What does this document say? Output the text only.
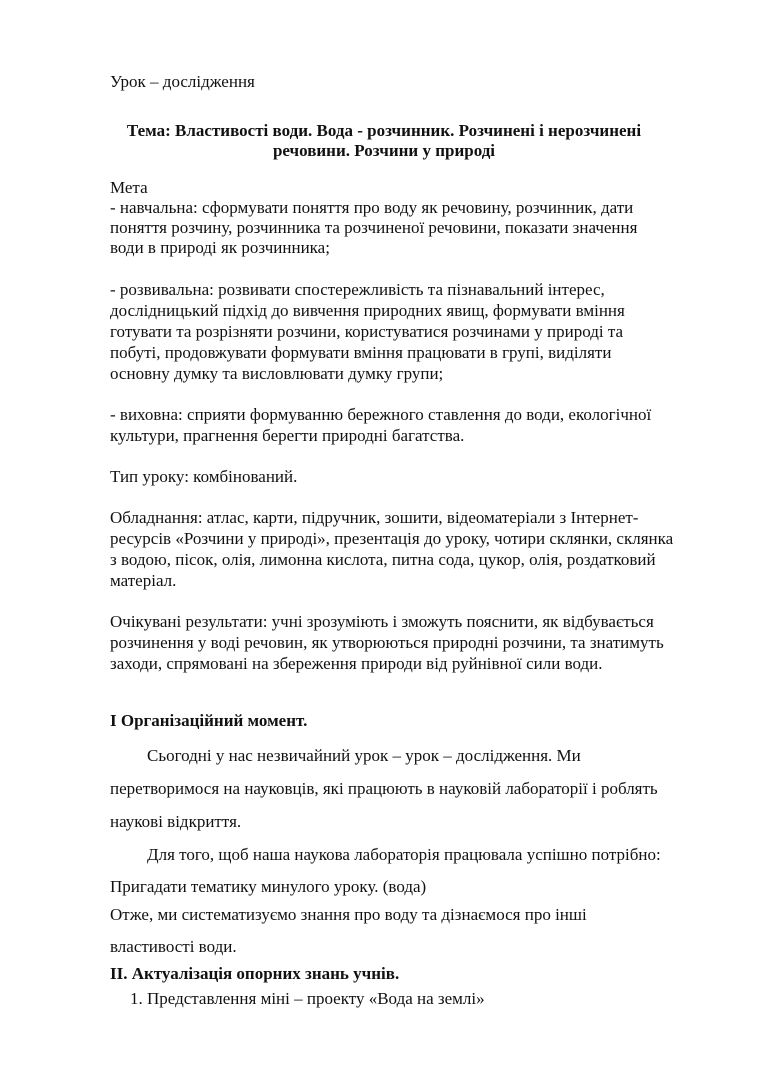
Урок – дослідження
Тема: Властивості води. Вода - розчинник. Розчинені і нерозчинені
речовини. Розчини у природі
Мета
- навчальна: сформувати поняття про воду як речовину, розчинник, дати
поняття розчину, розчинника та розчиненої речовини, показати значення
води в природі як розчинника;
- розвивальна: розвивати спостережливість та пізнавальний інтерес,
дослідницький підхід до вивчення природних явищ, формувати вміння
готувати та розрізняти розчини, користуватися розчинами у природі та
побуті, продовжувати формувати вміння працювати в групі, виділяти
основну думку та висловлювати думку групи;
- виховна: сприяти формуванню бережного ставлення до води, екологічної
культури, прагнення берегти природні багатства.
Тип уроку: комбінований.
Обладнання: атлас, карти, підручник, зошити, відеоматеріали з Інтернет-
ресурсів «Розчини у природі», презентація до уроку, чотири склянки, склянка
з водою, пісок, олія, лимонна кислота, питна сода, цукор, олія, роздатковий
матеріал.
Очікувані результати: учні зрозуміють і зможуть пояснити, як відбувається
розчинення у воді речовин, як утворюються природні розчини, та знатимуть
заходи, спрямовані на збереження природи від руйнівної сили води.
І Організаційний момент.
Сьогодні у нас незвичайний урок – урок – дослідження. Ми
перетворимося на науковців, які працюють в науковій лабораторії і роблять
наукові відкриття.
Для того, щоб наша наукова лабораторія працювала успішно потрібно:
Пригадати тематику минулого уроку. (вода)
Отже, ми систематизуємо знання про воду та дізнаємося про інші
властивості води.
ІІ. Актуалізація опорних знань учнів.
1. Представлення міні – проекту «Вода на землі»
